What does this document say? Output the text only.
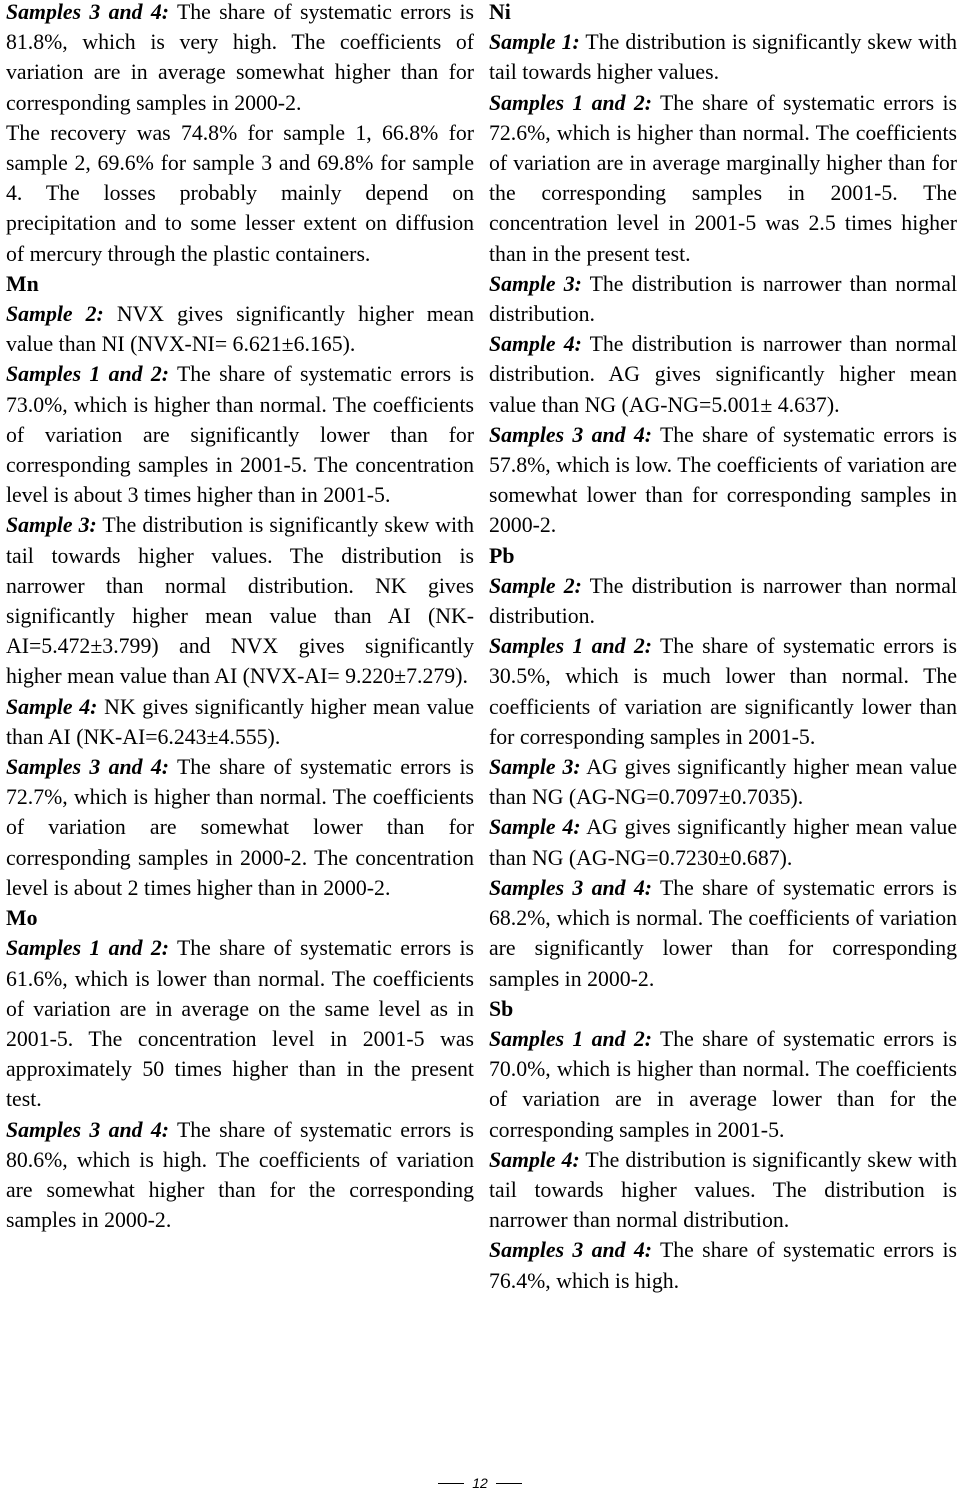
Samples 3 and 4: The share of systematic errors is 81.8%, which is very high. The coefficients of variation are in average somewhat higher than for corresponding samples in 2000-2.

The recovery was 74.8% for sample 1, 66.8% for sample 2, 69.6% for sample 3 and 69.8% for sample 4. The losses probably mainly depend on precipitation and to some lesser extent on diffusion of mercury through the plastic containers.

Mn

Sample 2: NVX gives significantly higher mean value than NI (NVX-NI= 6.621±6.165).

Samples 1 and 2: The share of systematic errors is 73.0%, which is higher than normal. The coefficients of variation are significantly lower than for corresponding samples in 2001-5. The concentration level is about 3 times higher than in 2001-5.

Sample 3: The distribution is significantly skew with tail towards higher values. The distribution is narrower than normal distribution. NK gives significantly higher mean value than AI (NK-AI=5.472±3.799) and NVX gives significantly higher mean value than AI (NVX-AI= 9.220±7.279).

Sample 4: NK gives significantly higher mean value than AI (NK-AI=6.243±4.555).

Samples 3 and 4: The share of systematic errors is 72.7%, which is higher than normal. The coefficients of variation are somewhat lower than for corresponding samples in 2000-2. The concentration level is about 2 times higher than in 2000-2.

Mo

Samples 1 and 2: The share of systematic errors is 61.6%, which is lower than normal. The coefficients of variation are in average on the same level as in 2001-5. The concentration level in 2001-5 was approximately 50 times higher than in the present test.

Samples 3 and 4: The share of systematic errors is 80.6%, which is high. The coefficients of variation are somewhat higher than for the corresponding samples in 2000-2.

Ni

Sample 1: The distribution is significantly skew with tail towards higher values.

Samples 1 and 2: The share of systematic errors is 72.6%, which is higher than normal. The coefficients of variation are in average marginally higher than for the corresponding samples in 2001-5. The concentration level in 2001-5 was 2.5 times higher than in the present test.

Sample 3: The distribution is narrower than normal distribution.

Sample 4: The distribution is narrower than normal distribution. AG gives significantly higher mean value than NG (AG-NG=5.001± 4.637).

Samples 3 and 4: The share of systematic errors is 57.8%, which is low. The coefficients of variation are somewhat lower than for corresponding samples in 2000-2.

Pb

Sample 2: The distribution is narrower than normal distribution.

Samples 1 and 2: The share of systematic errors is 30.5%, which is much lower than normal. The coefficients of variation are significantly lower than for corresponding samples in 2001-5.

Sample 3: AG gives significantly higher mean value than NG (AG-NG=0.7097±0.7035).

Sample 4: AG gives significantly higher mean value than NG (AG-NG=0.7230±0.687).

Samples 3 and 4: The share of systematic errors is 68.2%, which is normal. The coefficients of variation are significantly lower than for corresponding samples in 2000-2.

Sb

Samples 1 and 2: The share of systematic errors is 70.0%, which is higher than normal. The coefficients of variation are in average lower than for the corresponding samples in 2001-5.

Sample 4: The distribution is significantly skew with tail towards higher values. The distribution is narrower than normal distribution.

Samples 3 and 4: The share of systematic errors is 76.4%, which is high.

12
